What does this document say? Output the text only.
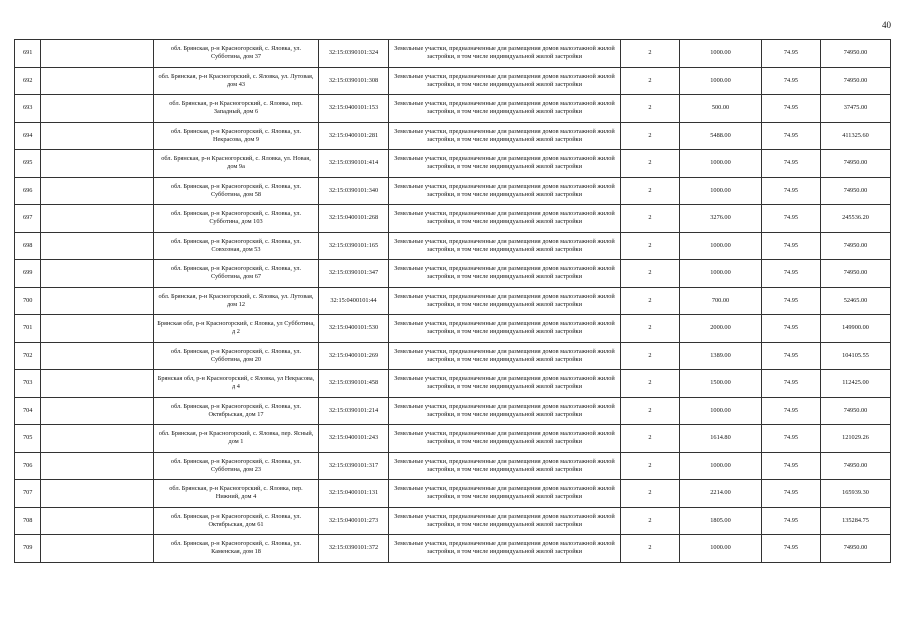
40
691		обл. Брянская, р-н Красногорский, с. Яловка, ул. Субботина, дом 37	32:15:0390101:324	Земельные участки, предназначенные для размещения домов малоэтажной жилой застройки, в том числе индивидуальной жилой застройки	2	1000.00	74.95	74950.00
692		обл. Брянская, р-н Красногорский, с. Яловка, ул. Лутовая, дом 43	32:15:0390101:308	Земельные участки, предназначенные для размещения домов малоэтажной жилой застройки, в том числе индивидуальной жилой застройки	2	1000.00	74.95	74950.00
693		обл. Брянская, р-н Красногорский, с. Яловка, пер. Западный, дом 6	32:15:0400101:153	Земельные участки, предназначенные для размещения домов малоэтажной жилой застройки, в том числе индивидуальной жилой застройки	2	500.00	74.95	37475.00
694		обл. Брянская, р-н Красногорский, с. Яловка, ул. Некрасова, дом 9	32:15:0400101:281	Земельные участки, предназначенные для размещения домов малоэтажной жилой застройки, в том числе индивидуальной жилой застройки	2	5488.00	74.95	411325.60
695		обл. Брянская, р-н Красногорский, с. Яловка, ул. Новая, дом 9а	32:15:0390101:414	Земельные участки, предназначенные для размещения домов малоэтажной жилой застройки, в том числе индивидуальной жилой застройки	2	1000.00	74.95	74950.00
696		обл. Брянская, р-н Красногорский, с. Яловка, ул. Субботина, дом 58	32:15:0390101:340	Земельные участки, предназначенные для размещения домов малоэтажной жилой застройки, в том числе индивидуальной жилой застройки	2	1000.00	74.95	74950.00
697		обл. Брянская, р-н Красногорский, с. Яловка, ул. Субботина, дом 103	32:15:0400101:268	Земельные участки, предназначенные для размещения домов малоэтажной жилой застройки, в том числе индивидуальной жилой застройки	2	3276.00	74.95	245536.20
698		обл. Брянская, р-н Красногорский, с. Яловка, ул. Совхозная, дом 53	32:15:0390101:165	Земельные участки, предназначенные для размещения домов малоэтажной жилой застройки, в том числе индивидуальной жилой застройки	2	1000.00	74.95	74950.00
699		обл. Брянская, р-н Красногорский, с. Яловка, ул. Субботина, дом 67	32:15:0390101:347	Земельные участки, предназначенные для размещения домов малоэтажной жилой застройки, в том числе индивидуальной жилой застройки	2	1000.00	74.95	74950.00
700		обл. Брянская, р-н Красногорский, с. Яловка, ул. Лутовая, дом 12	32:15:0400101:44	Земельные участки, предназначенные для размещения домов малоэтажной жилой застройки, в том числе индивидуальной жилой застройки	2	700.00	74.95	52465.00
701		Брянская обл, р-н Красногорский, с Яловка, ул Субботина, д 2	32:15:0400101:530	Земельные участки, предназначенные для размещения домов малоэтажной жилой застройки, в том числе индивидуальной жилой застройки	2	2000.00	74.95	149900.00
702		обл. Брянская, р-н Красногорский, с. Яловка, ул. Субботина, дом 20	32:15:0400101:269	Земельные участки, предназначенные для размещения домов малоэтажной жилой застройки, в том числе индивидуальной жилой застройки	2	1389.00	74.95	104105.55
703		Брянская обл, р-н Красногорский, с Яловка, ул Некрасова, д 4	32:15:0390101:458	Земельные участки, предназначенные для размещения домов малоэтажной жилой застройки, в том числе индивидуальной жилой застройки	2	1500.00	74.95	112425.00
704		обл. Брянская, р-н Красногорский, с. Яловка, ул. Октябрьская, дом 17	32:15:0390101:214	Земельные участки, предназначенные для размещения домов малоэтажной жилой застройки, в том числе индивидуальной жилой застройки	2	1000.00	74.95	74950.00
705		обл. Брянская, р-н Красногорский, с. Яловка, пер. Ясный, дом 1	32:15:0400101:243	Земельные участки, предназначенные для размещения домов малоэтажной жилой застройки, в том числе индивидуальной жилой застройки	2	1614.80	74.95	121029.26
706		обл. Брянская, р-н Красногорский, с. Яловка, ул. Субботина, дом 23	32:15:0390101:317	Земельные участки, предназначенные для размещения домов малоэтажной жилой застройки, в том числе индивидуальной жилой застройки	2	1000.00	74.95	74950.00
707		обл. Брянская, р-н Красногорский, с. Яловка, пер. Нижний, дом 4	32:15:0400101:131	Земельные участки, предназначенные для размещения домов малоэтажной жилой застройки, в том числе индивидуальной жилой застройки	2	2214.00	74.95	165939.30
708		обл. Брянская, р-н Красногорский, с. Яловка, ул. Октябрьская, дом 61	32:15:0400101:273	Земельные участки, предназначенные для размещения домов малоэтажной жилой застройки, в том числе индивидуальной жилой застройки	2	1805.00	74.95	135284.75
709		обл. Брянская, р-н Красногорский, с. Яловка, ул. Каменская, дом 18	32:15:0390101:372	Земельные участки, предназначенные для размещения домов малоэтажной жилой застройки, в том числе индивидуальной жилой застройки	2	1000.00	74.95	74950.00
